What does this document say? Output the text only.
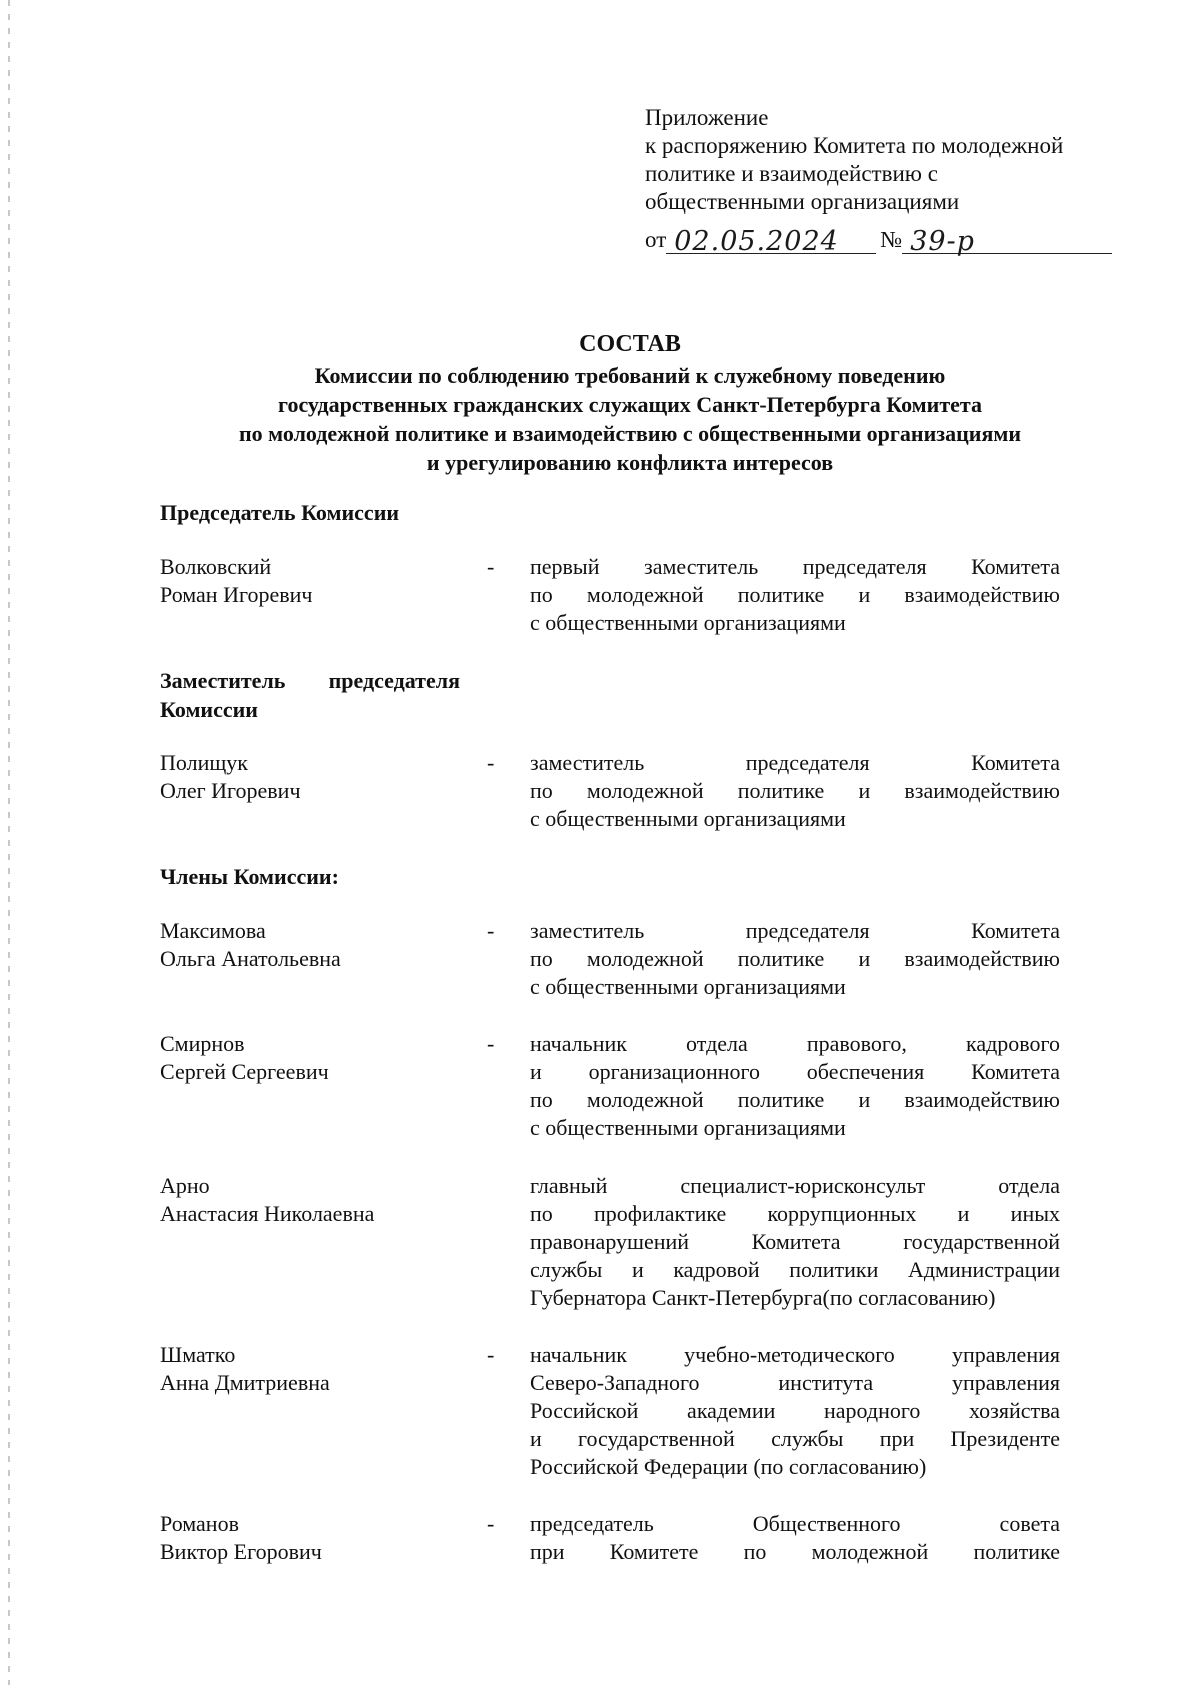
Приложение
к распоряжению Комитета по молодежной
политике и взаимодействию с
общественными организациями
от 02.05.2024 № 39-р
СОСТАВ
Комиссии по соблюдению требований к служебному поведению
государственных гражданских служащих Санкт-Петербурга Комитета
по молодежной политике и взаимодействию с общественными организациями
и урегулированию конфликта интересов
Председатель Комиссии
Волковский
Роман Игоревич
- первый заместитель председателя Комитета
по молодежной политике и взаимодействию
с общественными организациями
Заместитель председателя
Комиссии
Полищук
Олег Игоревич
- заместитель председателя Комитета
по молодежной политике и взаимодействию
с общественными организациями
Члены Комиссии:
Максимова
Ольга Анатольевна
- заместитель председателя Комитета
по молодежной политике и взаимодействию
с общественными организациями
Смирнов
Сергей Сергеевич
- начальник отдела правового, кадрового
и организационного обеспечения Комитета
по молодежной политике и взаимодействию
с общественными организациями
Арно
Анастасия Николаевна
главный специалист-юрисконсульт отдела
по профилактике коррупционных и иных
правонарушений Комитета государственной
службы и кадровой политики Администрации
Губернатора Санкт-Петербурга(по согласованию)
Шматко
Анна Дмитриевна
- начальник учебно-методического управления
Северо-Западного института управления
Российской академии народного хозяйства
и государственной службы при Президенте
Российской Федерации (по согласованию)
Романов
Виктор Егорович
- председатель Общественного совета
при Комитете по молодежной политике
